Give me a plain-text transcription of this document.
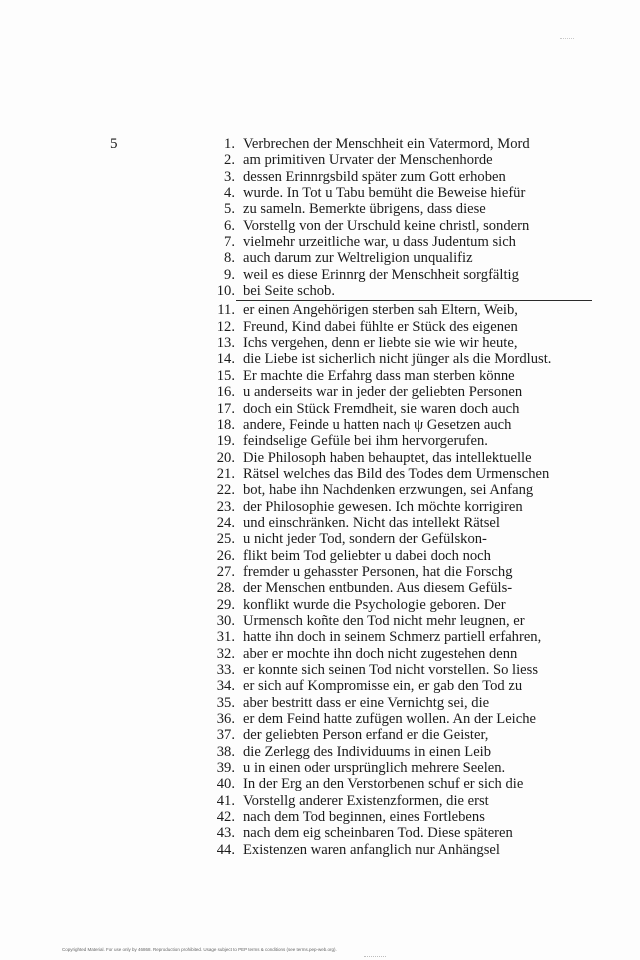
5	1. Verbrechen der Menschheit ein Vatermord, Mord
2. am primitiven Urvater der Menschenhorde
3. dessen Erinnrgsbild später zum Gott erhoben
4. wurde. In Tot u Tabu bemüht die Beweise hiefür
5. zu sameln. Bemerkte übrigens, dass diese
6. Vorstellg von der Urschuld keine christl, sondern
7. vielmehr urzeitliche war, u dass Judentum sich
8. auch darum zur Weltreligion unqualifiz
9. weil es diese Erinnrg der Menschheit sorgfältig
10. bei Seite schob.
11. er einen Angehörigen sterben sah Eltern, Weib,
12. Freund, Kind dabei fühlte er Stück des eigenen
13. Ichs vergehen, denn er liebte sie wie wir heute,
14. die Liebe ist sicherlich nicht jünger als die Mordlust.
15. Er machte die Erfahrg dass man sterben könne
16. u anderseits war in jeder der geliebten Personen
17. doch ein Stück Fremdheit, sie waren doch auch
18. andere, Feinde u hatten nach ψ Gesetzen auch
19. feindselige Gefüle bei ihm hervorgerufen.
20. Die Philosoph haben behauptet, das intellektuelle
21. Rätsel welches das Bild des Todes dem Urmenschen
22. bot, habe ihn Nachdenken erzwungen, sei Anfang
23. der Philosophie gewesen. Ich möchte korrigiren
24. und einschränken. Nicht das intellekt Rätsel
25. u nicht jeder Tod, sondern der Gefülskon-
26. flikt beim Tod geliebter u dabei doch noch
27. fremder u gehasster Personen, hat die Forschg
28. der Menschen entbunden. Aus diesem Gefüls-
29. konflikt wurde die Psychologie geboren. Der
30. Urmensch koñte den Tod nicht mehr leugnen, er
31. hatte ihn doch in seinem Schmerz partiell erfahren,
32. aber er mochte ihn doch nicht zugestehen denn
33. er konnte sich seinen Tod nicht vorstellen. So liess
34. er sich auf Kompromisse ein, er gab den Tod zu
35. aber bestritt dass er eine Vernichtg sei, die
36. er dem Feind hatte zufügen wollen. An der Leiche
37. der geliebten Person erfand er die Geister,
38. die Zerlegg des Individuums in einen Leib
39. u in einen oder ursprünglich mehrere Seelen.
40. In der Erg an den Verstorbenen schuf er sich die
41. Vorstellg anderer Existenzformen, die erst
42. nach dem Tod beginnen, eines Fortlebens
43. nach dem eig scheinbaren Tod. Diese späteren
44. Existenzen waren anfanglich nur Anhängsel
Copyrighted Material. For use only by 46868. Reproduction prohibited. Usage subject to PEP terms & conditions (see terms.pep-web.org).
